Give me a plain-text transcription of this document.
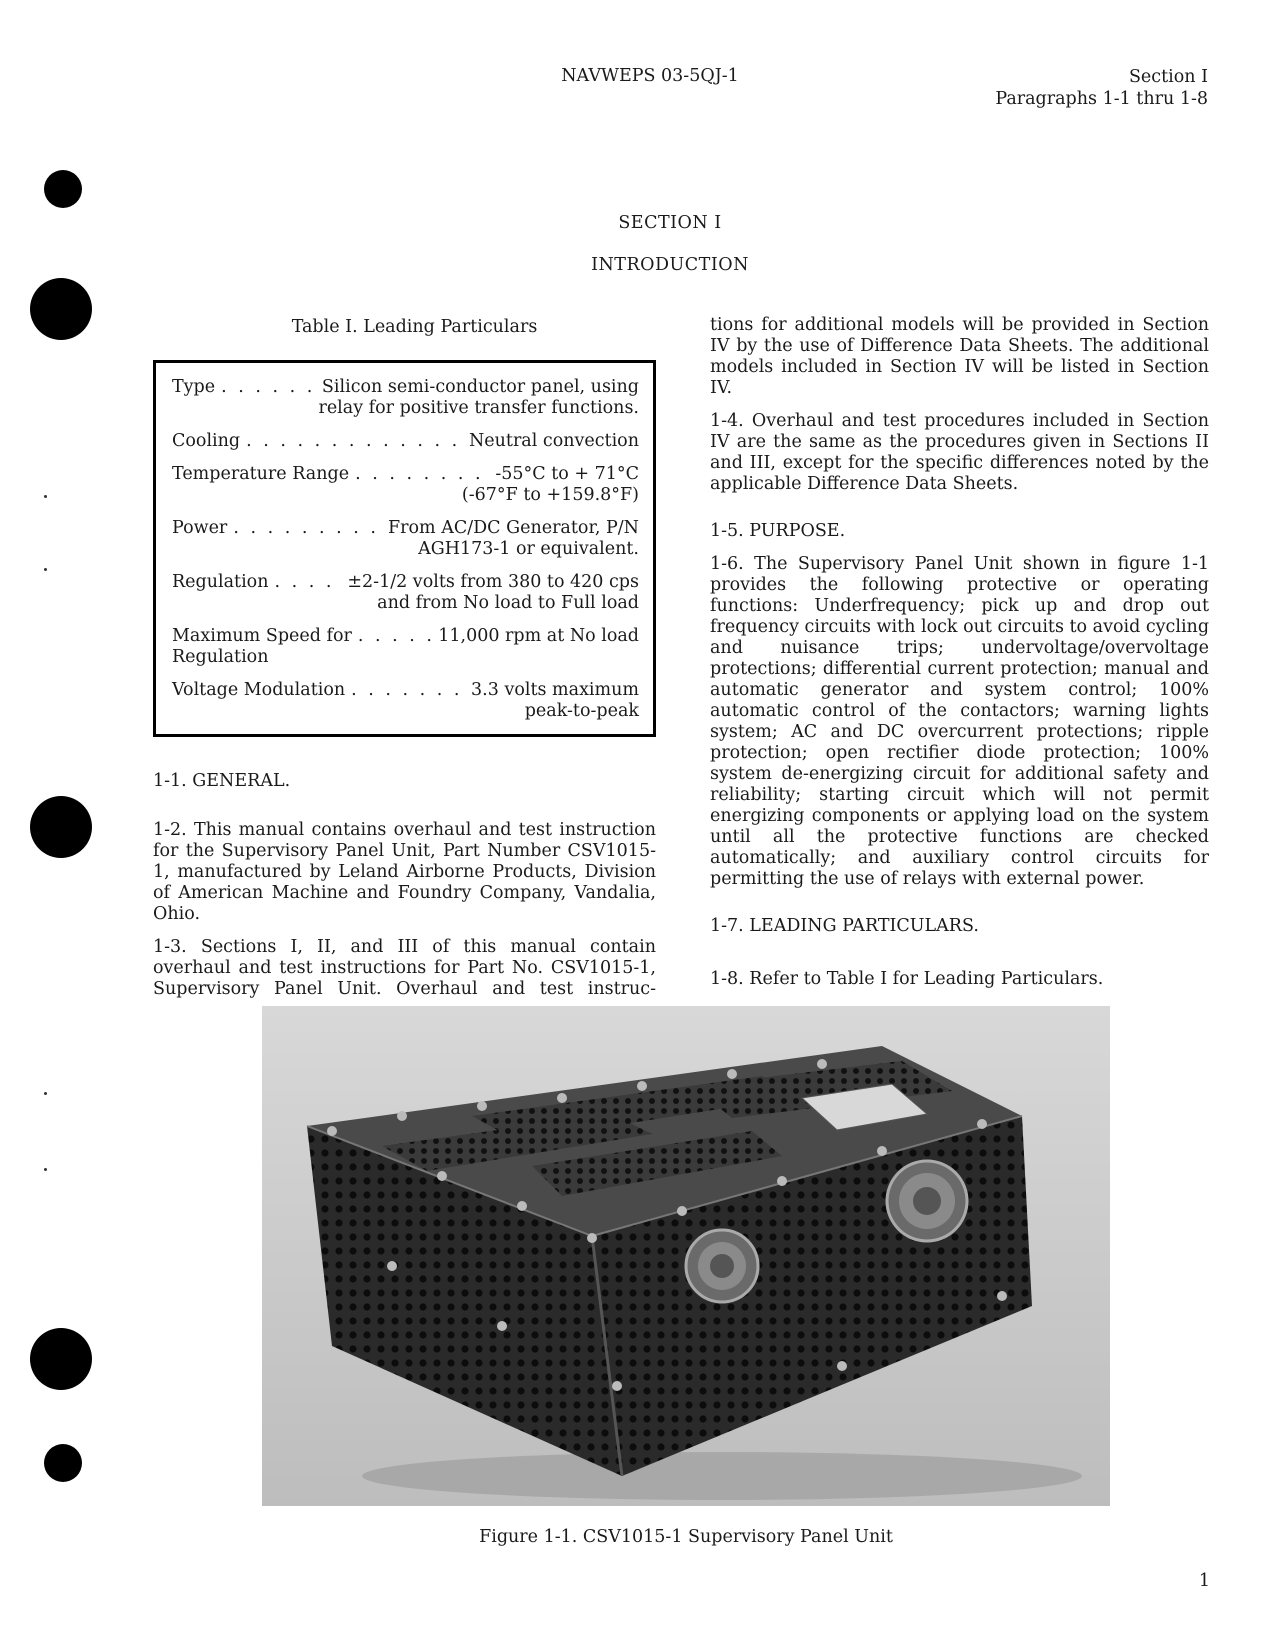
NAVWEPS 03-5QJ-1	Section I
Paragraphs 1-1 thru 1-8
SECTION I
INTRODUCTION
Table I. Leading Particulars
Type . . .	Silicon semi-conductor panel, using
relay for positive transfer functions.
Cooling . . .	Neutral convection
Temperature Range . . .	-55°C to + 71°C
(-67°F to +159.8°F)
Power . . .	From AC/DC Generator, P/N
AGH173-1 or equivalent.
Regulation . . .	±2-1/2 volts from 380 to 420 cps
and from No load to Full load
Maximum Speed for . . .	11,000 rpm at No load
Regulation
Voltage Modulation . . .	3.3 volts maximum
peak-to-peak
1-1. GENERAL.
1-2. This manual contains overhaul and test instruction for the Supervisory Panel Unit, Part Number CSV1015-1, manufactured by Leland Airborne Products, Division of American Machine and Foundry Company, Vandalia, Ohio.
1-3. Sections I, II, and III of this manual contain overhaul and test instructions for Part No. CSV1015-1, Supervisory Panel Unit. Overhaul and test instruc-
tions for additional models will be provided in Section IV by the use of Difference Data Sheets. The additional models included in Section IV will be listed in Section IV.
1-4. Overhaul and test procedures included in Section IV are the same as the procedures given in Sections II and III, except for the specific differences noted by the applicable Difference Data Sheets.
1-5. PURPOSE.
1-6. The Supervisory Panel Unit shown in figure 1-1 provides the following protective or operating functions: Underfrequency; pick up and drop out frequency circuits with lock out circuits to avoid cycling and nuisance trips; undervoltage/overvoltage protections; differential current protection; manual and automatic generator and system control; 100% automatic control of the contactors; warning lights system; AC and DC overcurrent protections; ripple protection; open rectifier diode protection; 100% system de-energizing circuit for additional safety and reliability; starting circuit which will not permit energizing components or applying load on the system until all the protective functions are checked automatically; and auxiliary control circuits for permitting the use of relays with external power.
1-7. LEADING PARTICULARS.
1-8. Refer to Table I for Leading Particulars.
Figure 1-1. CSV1015-1 Supervisory Panel Unit
1
